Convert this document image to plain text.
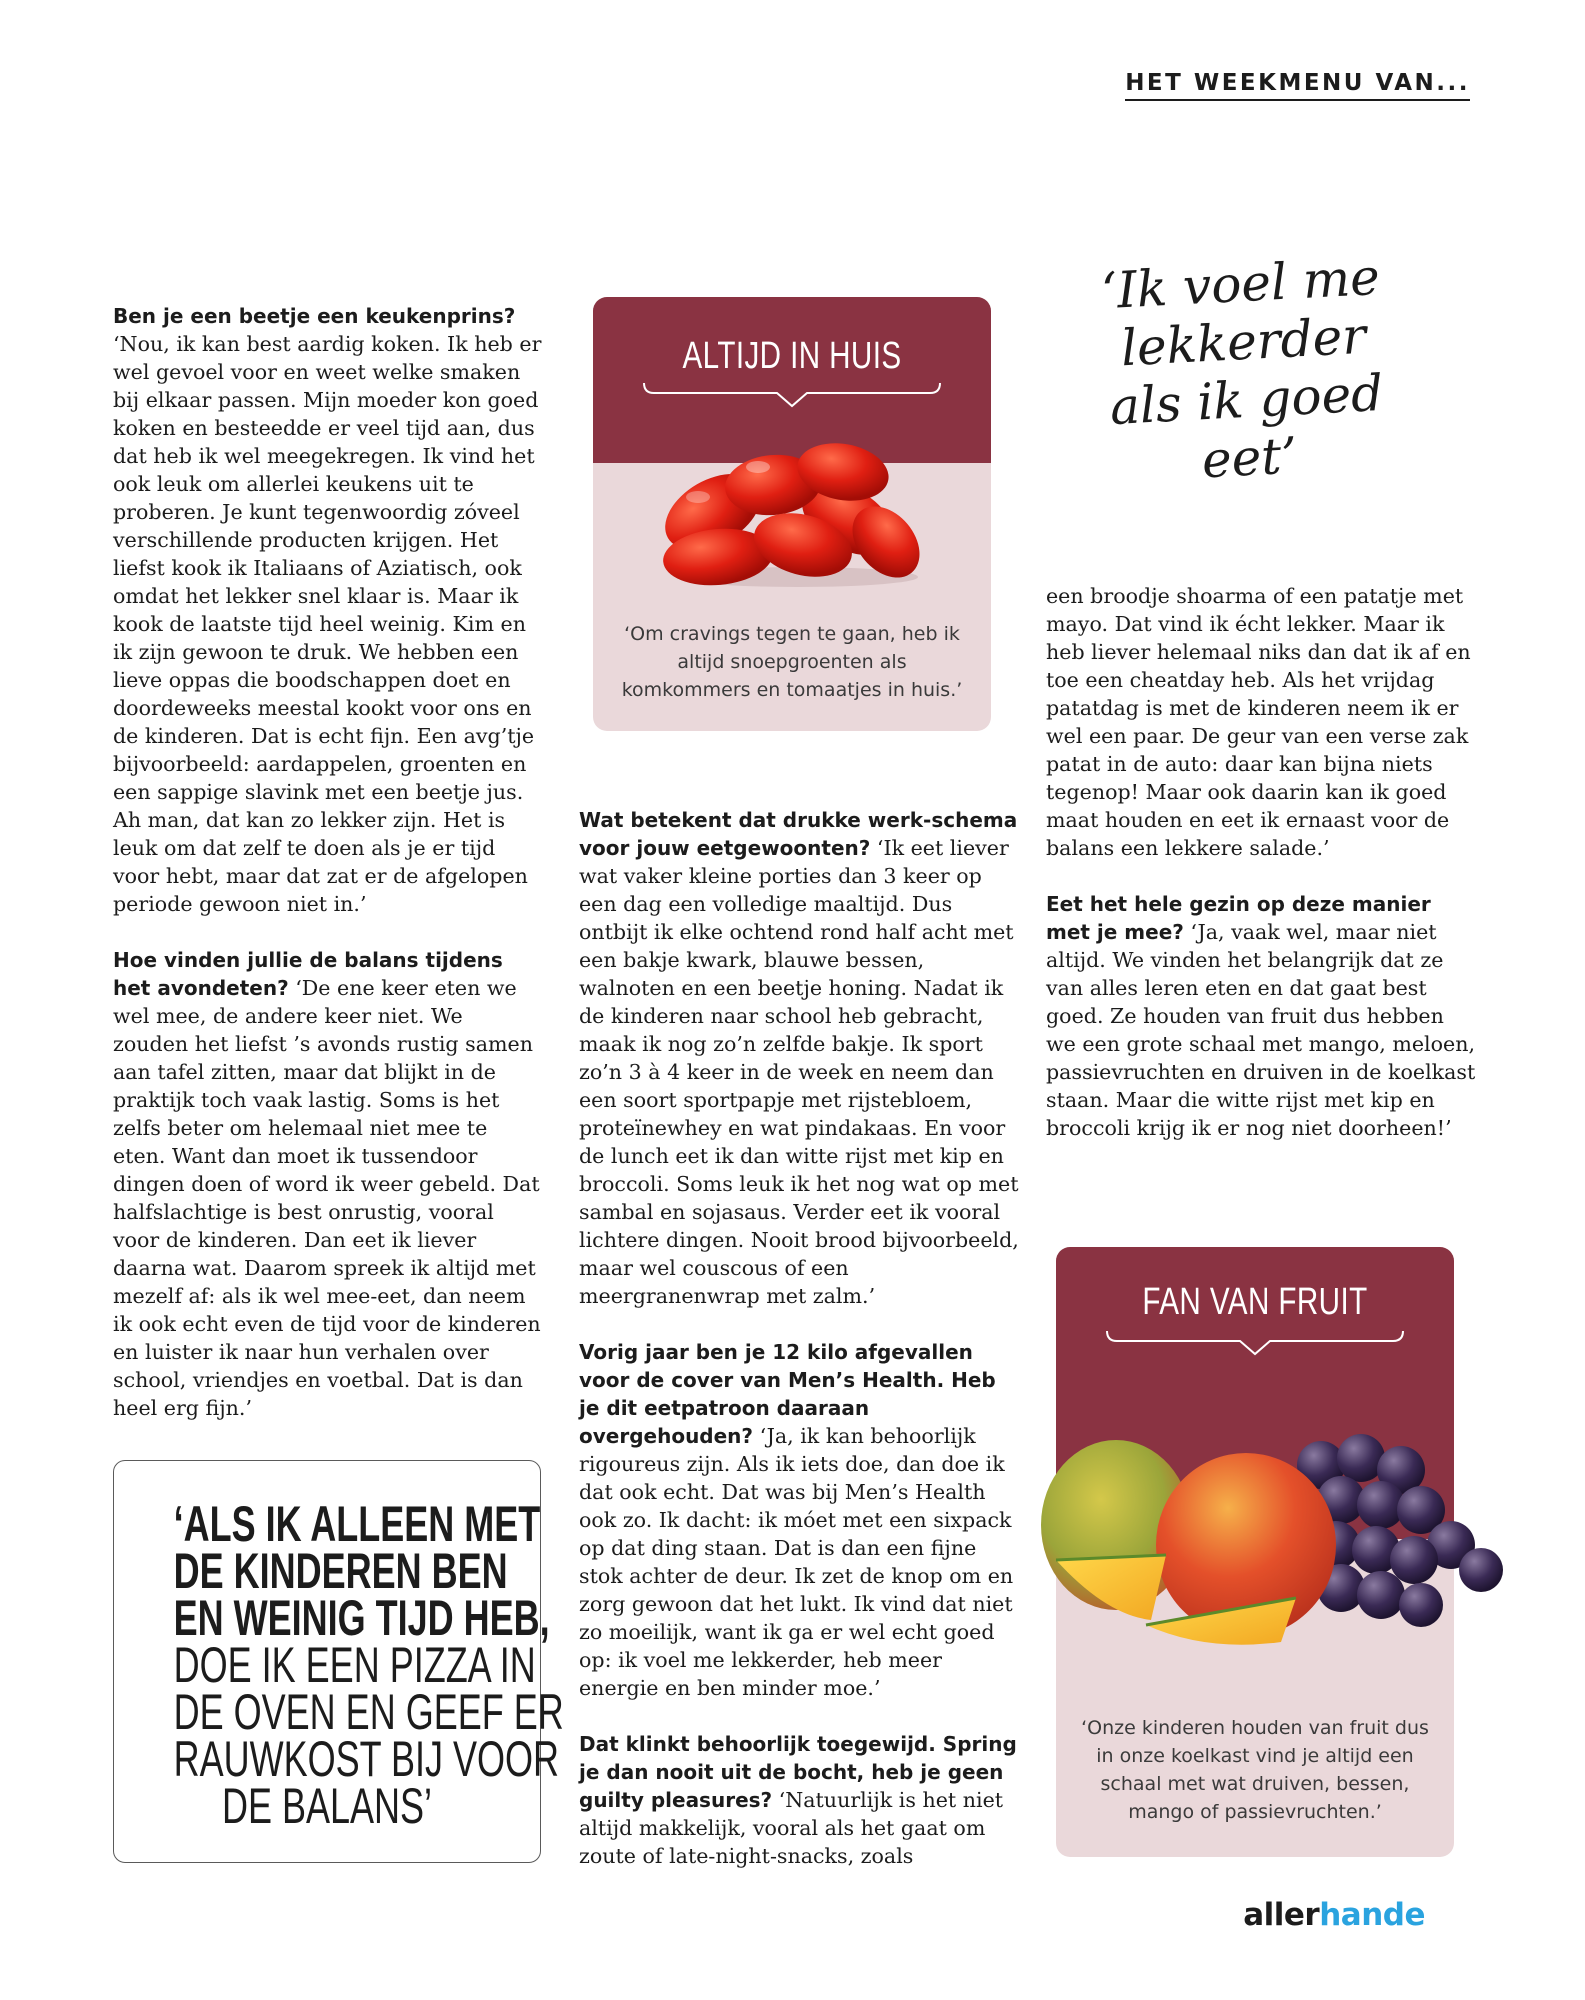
HET WEEKMENU VAN...
‘Ik voel me
lekkerder
als ik goed eet’

Ben je een beetje een keukenprins? ‘Nou, ik kan best aardig koken. Ik heb er wel gevoel voor en weet welke smaken bij elkaar passen. Mijn moeder kon goed koken en besteedde er veel tijd aan, dus dat heb ik wel meegekregen. Ik vind het ook leuk om allerlei keukens uit te proberen. Je kunt tegenwoordig zóveel verschillende producten krijgen. Het liefst kook ik Italiaans of Aziatisch, ook omdat het lekker snel klaar is. Maar ik kook de laatste tijd heel weinig. Kim en ik zijn gewoon te druk. We hebben een lieve oppas die boodschappen doet en doordeweeks meestal kookt voor ons en de kinderen. Dat is echt fijn. Een avg’tje bijvoorbeeld: aardappelen, groenten en een sappige slavink met een beetje jus. Ah man, dat kan zo lekker zijn. Het is leuk om dat zelf te doen als je er tijd voor hebt, maar dat zat er de afgelopen periode gewoon niet in.’

Hoe vinden jullie de balans tijdens het avondeten? ‘De ene keer eten we wel mee, de andere keer niet. We zouden het liefst ’s avonds rustig samen aan tafel zitten, maar dat blijkt in de praktijk toch vaak lastig. Soms is het zelfs beter om helemaal niet mee te eten. Want dan moet ik tussendoor dingen doen of word ik weer gebeld. Dat halfslachtige is best onrustig, vooral voor de kinderen. Dan eet ik liever daarna wat. Daarom spreek ik altijd met mezelf af: als ik wel mee-eet, dan neem ik ook echt even de tijd voor de kinderen en luister ik naar hun verhalen over school, vriendjes en voetbal. Dat is dan heel erg fijn.’

Wat betekent dat drukke werk-schema voor jouw eetgewoonten? ‘Ik eet liever wat vaker kleine porties dan 3 keer op een dag een volledige maaltijd. Dus ontbijt ik elke ochtend rond half acht met een bakje kwark, blauwe bessen, walnoten en een beetje honing. Nadat ik de kinderen naar school heb gebracht, maak ik nog zo’n zelfde bakje. Ik sport zo’n 3 à 4 keer in de week en neem dan een soort sportpapje met rijstebloem, proteïnewhey en wat pindakaas. En voor de lunch eet ik dan witte rijst met kip en broccoli. Soms leuk ik het nog wat op met sambal en sojasaus. Verder eet ik vooral lichtere dingen. Nooit brood bijvoorbeeld, maar wel couscous of een meergranenwrap met zalm.’

Vorig jaar ben je 12 kilo afgevallen voor de cover van Men’s Health. Heb je dit eetpatroon daaraan overgehouden? ‘Ja, ik kan behoorlijk rigoureus zijn. Als ik iets doe, dan doe ik dat ook echt. Dat was bij Men’s Health ook zo. Ik dacht: ik móet met een sixpack op dat ding staan. Dat is dan een fijne stok achter de deur. Ik zet de knop om en zorg gewoon dat het lukt. Ik vind dat niet zo moeilijk, want ik ga er wel echt goed op: ik voel me lekkerder, heb meer energie en ben minder moe.’

Dat klinkt behoorlijk toegewijd. Spring je dan nooit uit de bocht, heb je geen guilty pleasures? ‘Natuurlijk is het niet altijd makkelijk, vooral als het gaat om zoute of late-night-snacks, zoals

een broodje shoarma of een patatje met mayo. Dat vind ik écht lekker. Maar ik heb liever helemaal niks dan dat ik af en toe een cheatday heb. Als het vrijdag patatdag is met de kinderen neem ik er wel een paar. De geur van een verse zak patat in de auto: daar kan bijna niets tegenop! Maar ook daarin kan ik goed maat houden en eet ik ernaast voor de balans een lekkere salade.’

Eet het hele gezin op deze manier met je mee? ‘Ja, vaak wel, maar niet altijd. We vinden het belangrijk dat ze van alles leren eten en dat gaat best goed. Ze houden van fruit dus hebben we een grote schaal met mango, meloen, passievruchten en druiven in de koelkast staan. Maar die witte rijst met kip en broccoli krijg ik er nog niet doorheen!’

ALTIJD IN HUIS
‘Om cravings tegen te gaan, heb ik altijd snoepgroenten als komkommers en tomaatjes in huis.’
FAN VAN FRUIT
‘Onze kinderen houden van fruit dus in onze koelkast vind je altijd een schaal met wat druiven, bessen, mango of passievruchten.’
‘ALS IK ALLEEN MET
DE KINDEREN BEN
EN WEINIG TIJD HEB,
DOE IK EEN PIZZA IN
DE OVEN EN GEEF ER
RAUWKOST BIJ VOOR
DE BALANS’
allerhande
